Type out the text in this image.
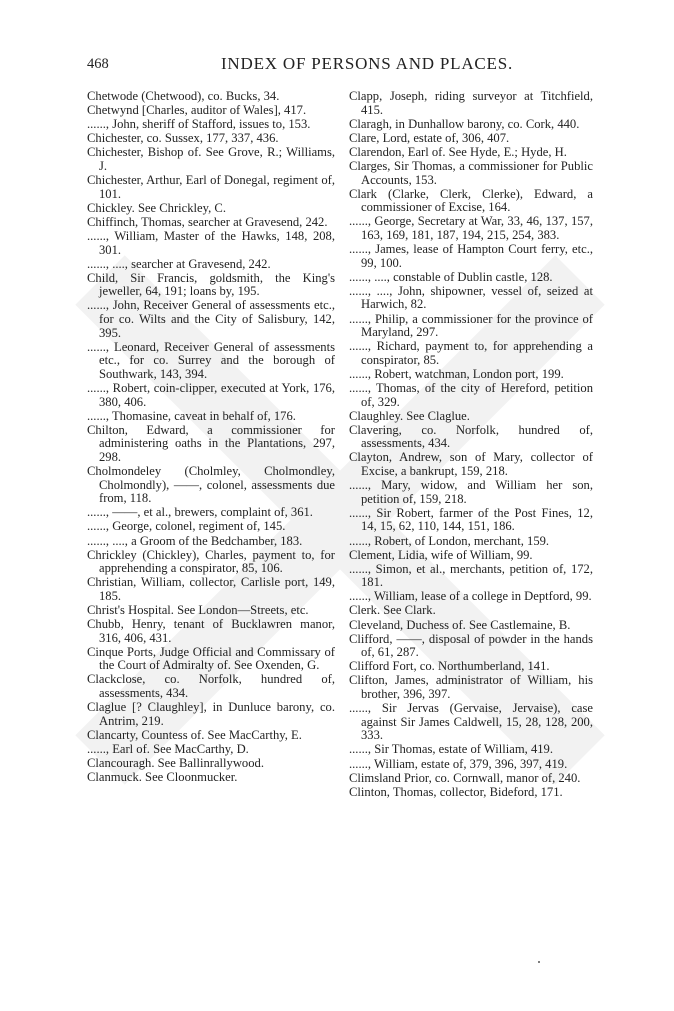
468	INDEX OF PERSONS AND PLACES.

Chetwode (Chetwood), co. Bucks, 34.

Chetwynd [Charles, auditor of Wales], 417.

......, John, sheriff of Stafford, issues to, 153.

Chichester, co. Sussex, 177, 337, 436.

Chichester, Bishop of. See Grove, R.; Williams, J.

Chichester, Arthur, Earl of Donegal, regiment of, 101.

Chickley. See Chrickley, C.

Chiffinch, Thomas, searcher at Gravesend, 242.

......, William, Master of the Hawks, 148, 208, 301.

......, ...., searcher at Gravesend, 242.

Child, Sir Francis, goldsmith, the King's jeweller, 64, 191; loans by, 195.

......, John, Receiver General of assessments etc., for co. Wilts and the City of Salisbury, 142, 395.

......, Leonard, Receiver General of assessments etc., for co. Surrey and the borough of Southwark, 143, 394.

......, Robert, coin-clipper, executed at York, 176, 380, 406.

......, Thomasine, caveat in behalf of, 176.

Chilton, Edward, a commissioner for administering oaths in the Plantations, 297, 298.

Cholmondeley (Cholmley, Cholmondley, Cholmondly), ——, colonel, assessments due from, 118.

......, ——, et al., brewers, complaint of, 361.

......, George, colonel, regiment of, 145.

......, ...., a Groom of the Bedchamber, 183.

Chrickley (Chickley), Charles, payment to, for apprehending a conspirator, 85, 106.

Christian, William, collector, Carlisle port, 149, 185.

Christ's Hospital. See London—Streets, etc.

Chubb, Henry, tenant of Bucklawren manor, 316, 406, 431.

Cinque Ports, Judge Official and Commissary of the Court of Admiralty of. See Oxenden, G.

Clackclose, co. Norfolk, hundred of, assessments, 434.

Claglue [? Claughley], in Dunluce barony, co. Antrim, 219.

Clancarty, Countess of. See MacCarthy, E.

......, Earl of. See MacCarthy, D.

Clancouragh. See Ballinrallywood.

Clanmuck. See Cloonmucker.

Clapp, Joseph, riding surveyor at Titchfield, 415.

Claragh, in Dunhallow barony, co. Cork, 440.

Clare, Lord, estate of, 306, 407.

Clarendon, Earl of. See Hyde, E.; Hyde, H.

Clarges, Sir Thomas, a commissioner for Public Accounts, 153.

Clark (Clarke, Clerk, Clerke), Edward, a commissioner of Excise, 164.

......, George, Secretary at War, 33, 46, 137, 157, 163, 169, 181, 187, 194, 215, 254, 383.

......, James, lease of Hampton Court ferry, etc., 99, 100.

......, ...., constable of Dublin castle, 128.

......, ...., John, shipowner, vessel of, seized at Harwich, 82.

......, Philip, a commissioner for the province of Maryland, 297.

......, Richard, payment to, for apprehending a conspirator, 85.

......, Robert, watchman, London port, 199.

......, Thomas, of the city of Hereford, petition of, 329.

Claughley. See Claglue.

Clavering, co. Norfolk, hundred of, assessments, 434.

Clayton, Andrew, son of Mary, collector of Excise, a bankrupt, 159, 218.

......, Mary, widow, and William her son, petition of, 159, 218.

......, Sir Robert, farmer of the Post Fines, 12, 14, 15, 62, 110, 144, 151, 186.

......, Robert, of London, merchant, 159.

Clement, Lidia, wife of William, 99.

......, Simon, et al., merchants, petition of, 172, 181.

......, William, lease of a college in Deptford, 99.

Clerk. See Clark.

Cleveland, Duchess of. See Castlemaine, B.

Clifford, ——, disposal of powder in the hands of, 61, 287.

Clifford Fort, co. Northumberland, 141.

Clifton, James, administrator of William, his brother, 396, 397.

......, Sir Jervas (Gervaise, Jervaise), case against Sir James Caldwell, 15, 28, 128, 200, 333.

......, Sir Thomas, estate of William, 419.

......, William, estate of, 379, 396, 397, 419.

Climsland Prior, co. Cornwall, manor of, 240.

Clinton, Thomas, collector, Bideford, 171.
